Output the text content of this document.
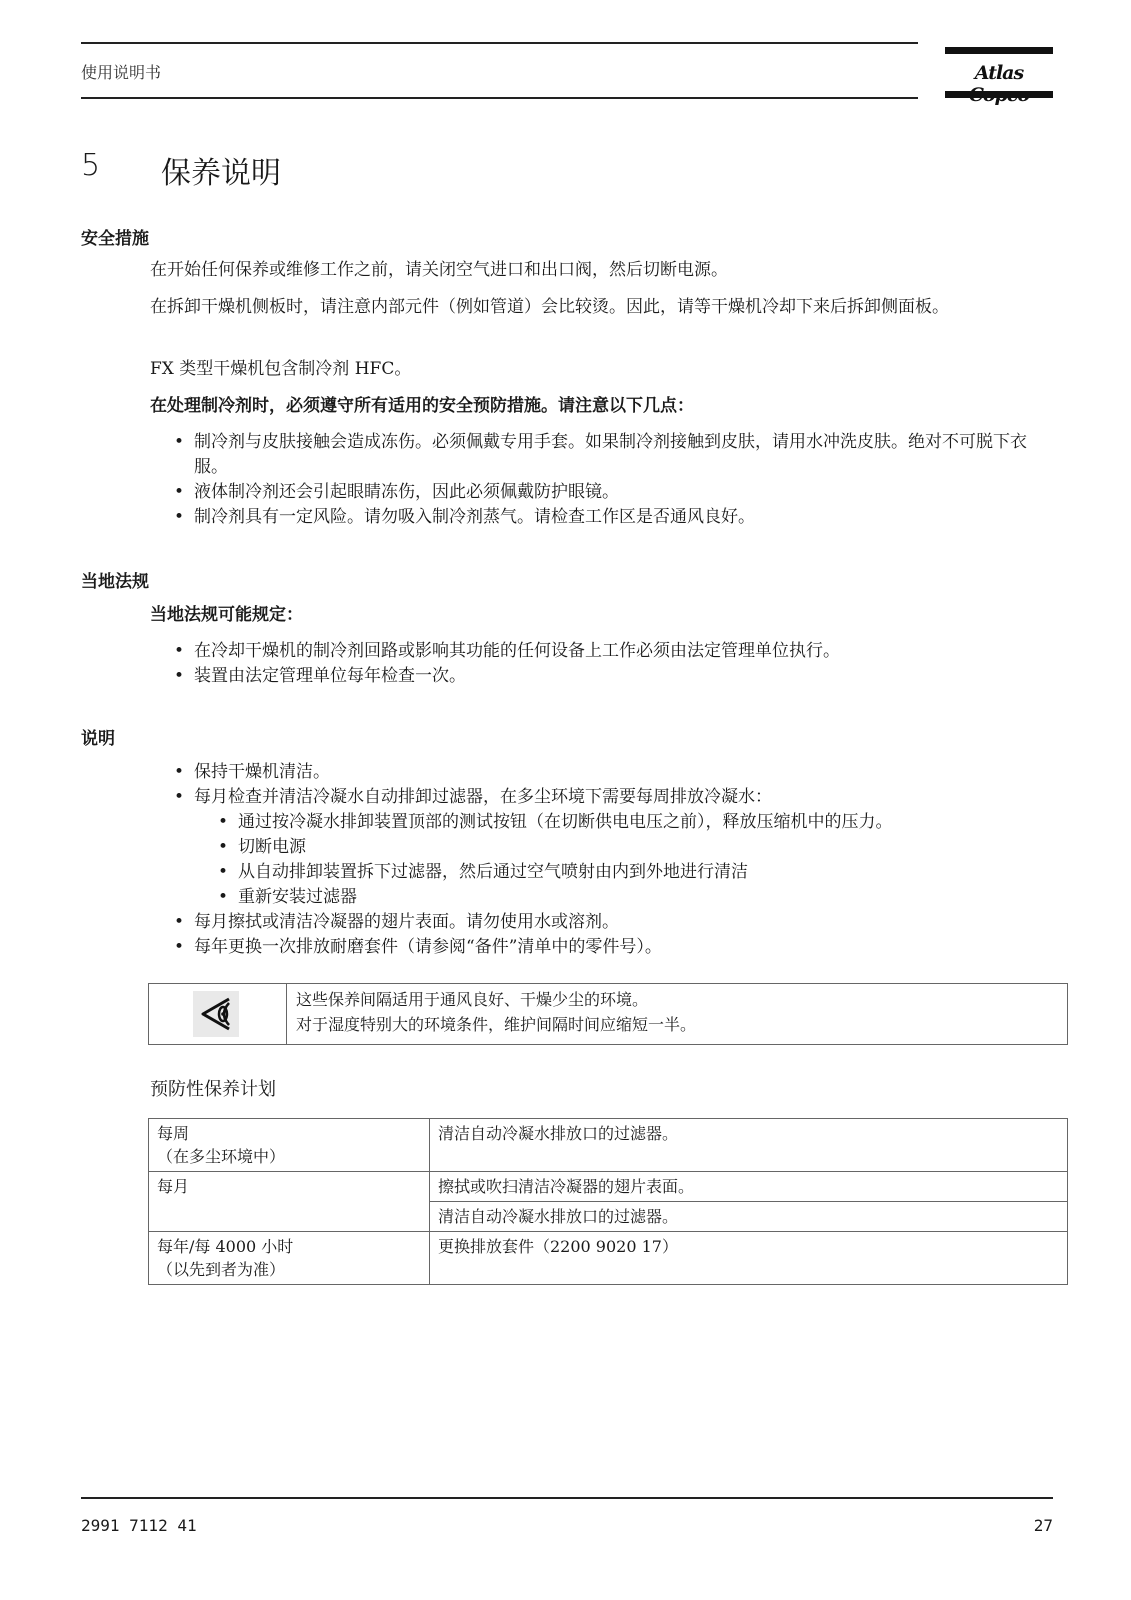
使用说明书	Atlas
5 保养说明
安全措施

在开始任何保养或维修工作之前，请关闭空气进口和出口阀，然后切断电源。

在拆卸干燥机侧板时，请注意内部元件（例如管道）会比较烫。因此，请等干燥机冷却下来后拆卸侧面板。

FX 类型干燥机包含制冷剂 HFC。

在处理制冷剂时，必须遵守所有适用的安全预防措施。请注意以下几点：

• 制冷剂与皮肤接触会造成冻伤。必须佩戴专用手套。如果制冷剂接触到皮肤，请用水冲洗皮肤。绝对不可脱下衣服。
• 液体制冷剂还会引起眼睛冻伤，因此必须佩戴防护眼镜。
• 制冷剂具有一定风险。请勿吸入制冷剂蒸气。请检查工作区是否通风良好。
当地法规

当地法规可能规定：

• 在冷却干燥机的制冷剂回路或影响其功能的任何设备上工作必须由法定管理单位执行。
• 装置由法定管理单位每年检查一次。
说明
• 保持干燥机清洁。
• 每月检查并清洁冷凝水自动排卸过滤器，在多尘环境下需要每周排放冷凝水：
• 通过按冷凝水排卸装置顶部的测试按钮（在切断供电电压之前），释放压缩机中的压力。
• 切断电源
• 从自动排卸装置拆下过滤器，然后通过空气喷射由内到外地进行清洁
• 重新安装过滤器
• 每月擦拭或清洁冷凝器的翅片表面。请勿使用水或溶剂。
• 每年更换一次排放耐磨套件（请参阅“备件”清单中的零件号）。
这些保养间隔适用于通风良好、干燥少尘的环境。
对于湿度特别大的环境条件，维护间隔时间应缩短一半。
预防性保养计划
每周
（在多尘环境中）	清洁自动冷凝水排放口的过滤器。
每月	擦拭或吹扫清洁冷凝器的翅片表面。
	清洁自动冷凝水排放口的过滤器。

每年/每 4000 小时
（以先到者为准）	更换排放套件（2200 9020 17）
2991 7112 41	27
